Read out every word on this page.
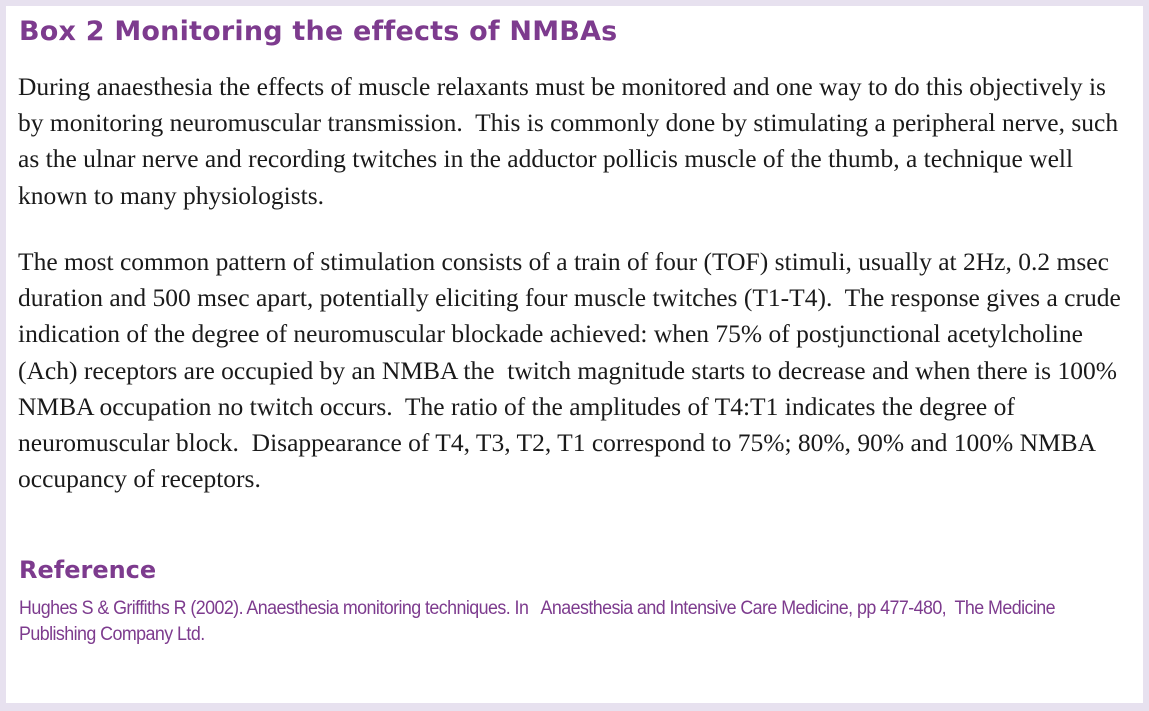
Box 2 Monitoring the effects of NMBAs

During anaesthesia the effects of muscle relaxants must be monitored and one way to do this objectively is by monitoring neuromuscular transmission.  This is commonly done by stimulating a peripheral nerve, such as the ulnar nerve and recording twitches in the adductor pollicis muscle of the thumb, a technique well known to many physiologists.

The most common pattern of stimulation consists of a train of four (TOF) stimuli, usually at 2Hz, 0.2 msec duration and 500 msec apart, potentially eliciting four muscle twitches (T1-T4).  The response gives a crude indication of the degree of neuromuscular blockade achieved: when 75% of postjunctional acetylcholine (Ach) receptors are occupied by an NMBA the  twitch magnitude starts to decrease and when there is 100% NMBA occupation no twitch occurs.  The ratio of the amplitudes of T4:T1 indicates the degree of neuromuscular block.  Disappearance of T4, T3, T2, T1 correspond to 75%; 80%, 90% and 100% NMBA occupancy of receptors.

Reference

Hughes S & Griffiths R (2002). Anaesthesia monitoring techniques. In   Anaesthesia and Intensive Care Medicine, pp 477-480,  The Medicine Publishing Company Ltd.
